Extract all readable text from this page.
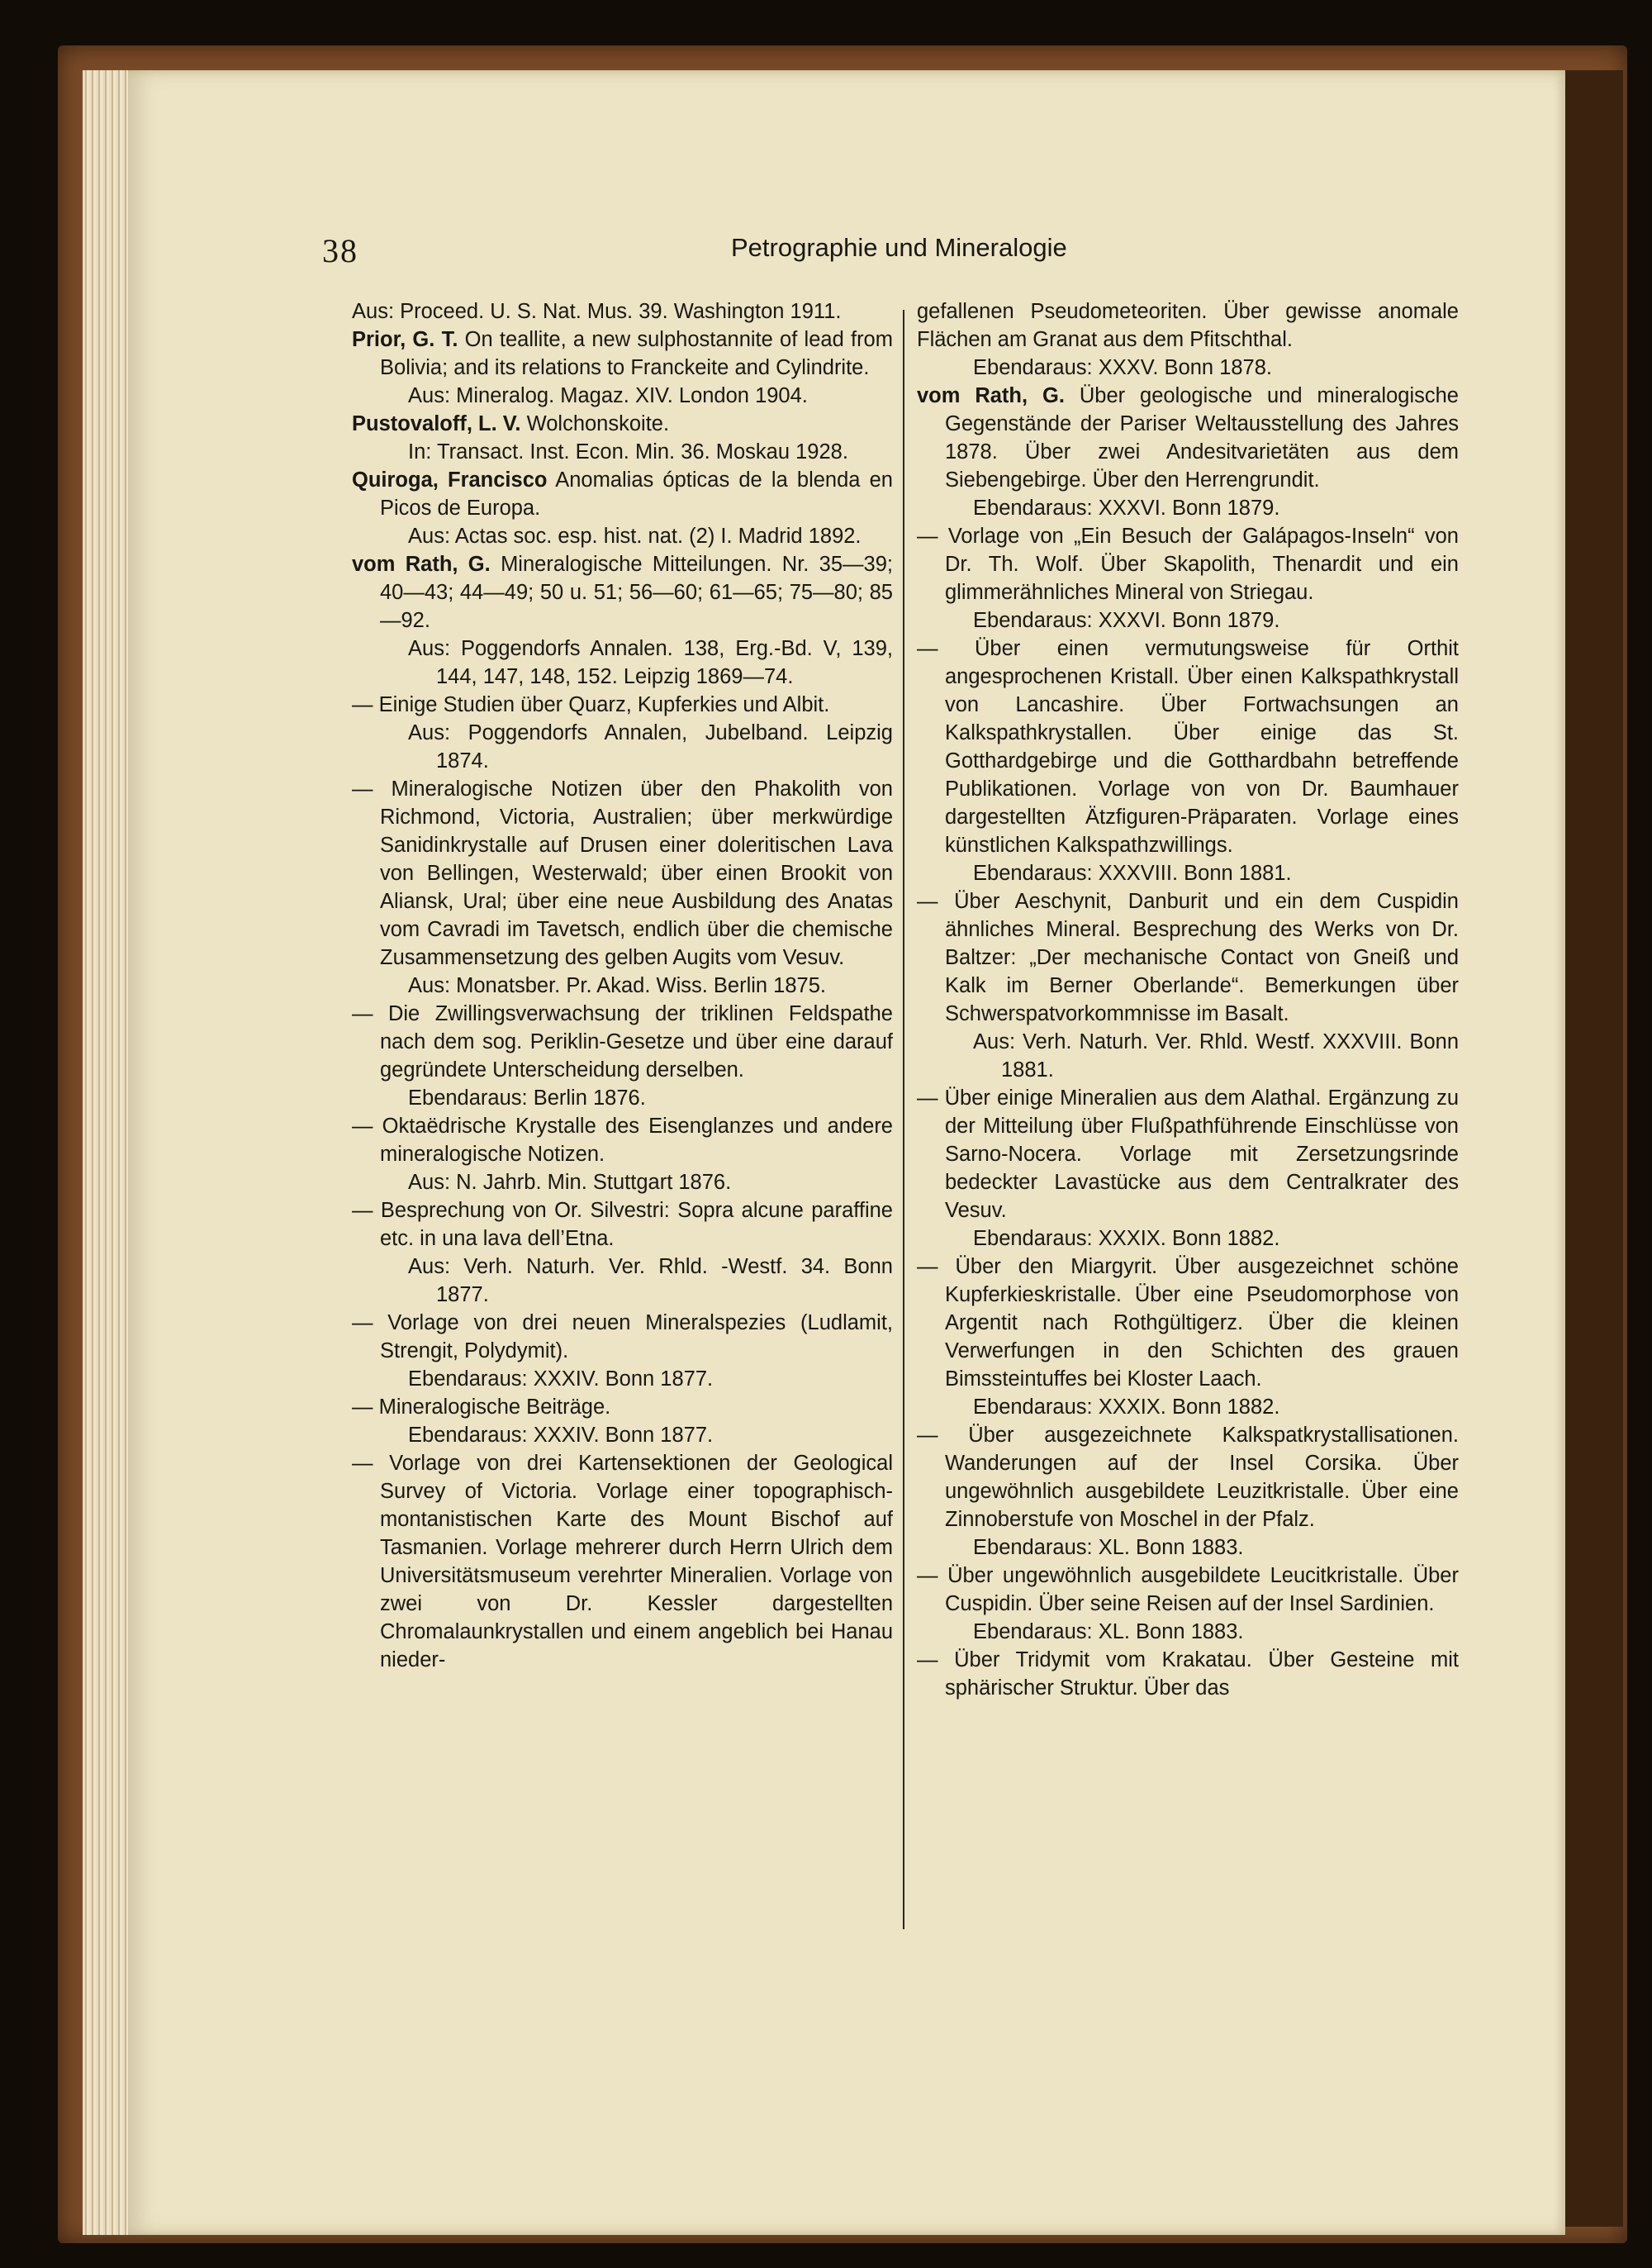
38	Petrographie und Mineralogie
Aus: Proceed. U. S. Nat. Mus. 39. Washington 1911.
Prior, G. T. On teallite, a new sulphostannite of lead from Bolivia; and its relations to Franckeite and Cylindrite.
Aus: Mineralog. Magaz. XIV. London 1904.
Pustovaloff, L. V. Wolchonskoite.
In: Transact. Inst. Econ. Min. 36. Moskau 1928.
Quiroga, Francisco Anomalias ópticas de la blenda en Picos de Europa.
Aus: Actas soc. esp. hist. nat. (2) I. Madrid 1892.
vom Rath, G. Mineralogische Mitteilungen. Nr. 35—39; 40—43; 44—49; 50 u. 51; 56—60; 61—65; 75—80; 85—92.
Aus: Poggendorfs Annalen. 138, Erg.-Bd. V, 139, 144, 147, 148, 152. Leipzig 1869—74.
— Einige Studien über Quarz, Kupferkies und Albit.
Aus: Poggendorfs Annalen, Jubelband. Leipzig 1874.
— Mineralogische Notizen über den Phakolith von Richmond, Victoria, Australien; über merkwürdige Sanidinkrystalle auf Drusen einer doleritischen Lava von Bellingen, Westerwald; über einen Brookit von Aliansk, Ural; über eine neue Ausbildung des Anatas vom Cavradi im Tavetsch, endlich über die chemische Zusammensetzung des gelben Augits vom Vesuv.
Aus: Monatsber. Pr. Akad. Wiss. Berlin 1875.
— Die Zwillingsverwachsung der triklinen Feldspathe nach dem sog. Periklin-Gesetze und über eine darauf gegründete Unterscheidung derselben.
Ebendaraus: Berlin 1876.
— Oktaëdrische Krystalle des Eisenglanzes und andere mineralogische Notizen.
Aus: N. Jahrb. Min. Stuttgart 1876.
— Besprechung von Or. Silvestri: Sopra alcune paraffine etc. in una lava dell’Etna.
Aus: Verh. Naturh. Ver. Rhld. -Westf. 34. Bonn 1877.
— Vorlage von drei neuen Mineralspezies (Ludlamit, Strengit, Polydymit).
Ebendaraus: XXXIV. Bonn 1877.
— Mineralogische Beiträge.
Ebendaraus: XXXIV. Bonn 1877.
— Vorlage von drei Kartensektionen der Geological Survey of Victoria. Vorlage einer topographisch-montanistischen Karte des Mount Bischof auf Tasmanien. Vorlage mehrerer durch Herrn Ulrich dem Universitätsmuseum verehrter Mineralien. Vorlage von zwei von Dr. Kessler dargestellten Chromalaunkrystallen und einem angeblich bei Hanau nieder-
gefallenen Pseudometeoriten. Über gewisse anomale Flächen am Granat aus dem Pfitschthal.
Ebendaraus: XXXV. Bonn 1878.
vom Rath, G. Über geologische und mineralogische Gegenstände der Pariser Weltausstellung des Jahres 1878. Über zwei Andesitvarietäten aus dem Siebengebirge. Über den Herrengrundit.
Ebendaraus: XXXVI. Bonn 1879.
— Vorlage von „Ein Besuch der Galápagos-Inseln“ von Dr. Th. Wolf. Über Skapolith, Thenardit und ein glimmerähnliches Mineral von Striegau.
Ebendaraus: XXXVI. Bonn 1879.
— Über einen vermutungsweise für Orthit angesprochenen Kristall. Über einen Kalkspathkrystall von Lancashire. Über Fortwachsungen an Kalkspathkrystallen. Über einige das St. Gotthardgebirge und die Gotthardbahn betreffende Publikationen. Vorlage von von Dr. Baumhauer dargestellten Ätzfiguren-Präparaten. Vorlage eines künstlichen Kalkspathzwillings.
Ebendaraus: XXXVIII. Bonn 1881.
— Über Aeschynit, Danburit und ein dem Cuspidin ähnliches Mineral. Besprechung des Werks von Dr. Baltzer: „Der mechanische Contact von Gneiß und Kalk im Berner Oberlande“. Bemerkungen über Schwerspatvorkommnisse im Basalt.
Aus: Verh. Naturh. Ver. Rhld. Westf. XXXVIII. Bonn 1881.
— Über einige Mineralien aus dem Alathal. Ergänzung zu der Mitteilung über Flußpathführende Einschlüsse von Sarno-Nocera. Vorlage mit Zersetzungsrinde bedeckter Lavastücke aus dem Centralkrater des Vesuv.
Ebendaraus: XXXIX. Bonn 1882.
— Über den Miargyrit. Über ausgezeichnet schöne Kupferkieskristalle. Über eine Pseudomorphose von Argentit nach Rothgültigerz. Über die kleinen Verwerfungen in den Schichten des grauen Bimssteintuffes bei Kloster Laach.
Ebendaraus: XXXIX. Bonn 1882.
— Über ausgezeichnete Kalkspatkrystallisationen. Wanderungen auf der Insel Corsika. Über ungewöhnlich ausgebildete Leuzitkristalle. Über eine Zinnoberstufe von Moschel in der Pfalz.
Ebendaraus: XL. Bonn 1883.
— Über ungewöhnlich ausgebildete Leucitkristalle. Über Cuspidin. Über seine Reisen auf der Insel Sardinien.
Ebendaraus: XL. Bonn 1883.
— Über Tridymit vom Krakatau. Über Gesteine mit sphärischer Struktur. Über das
